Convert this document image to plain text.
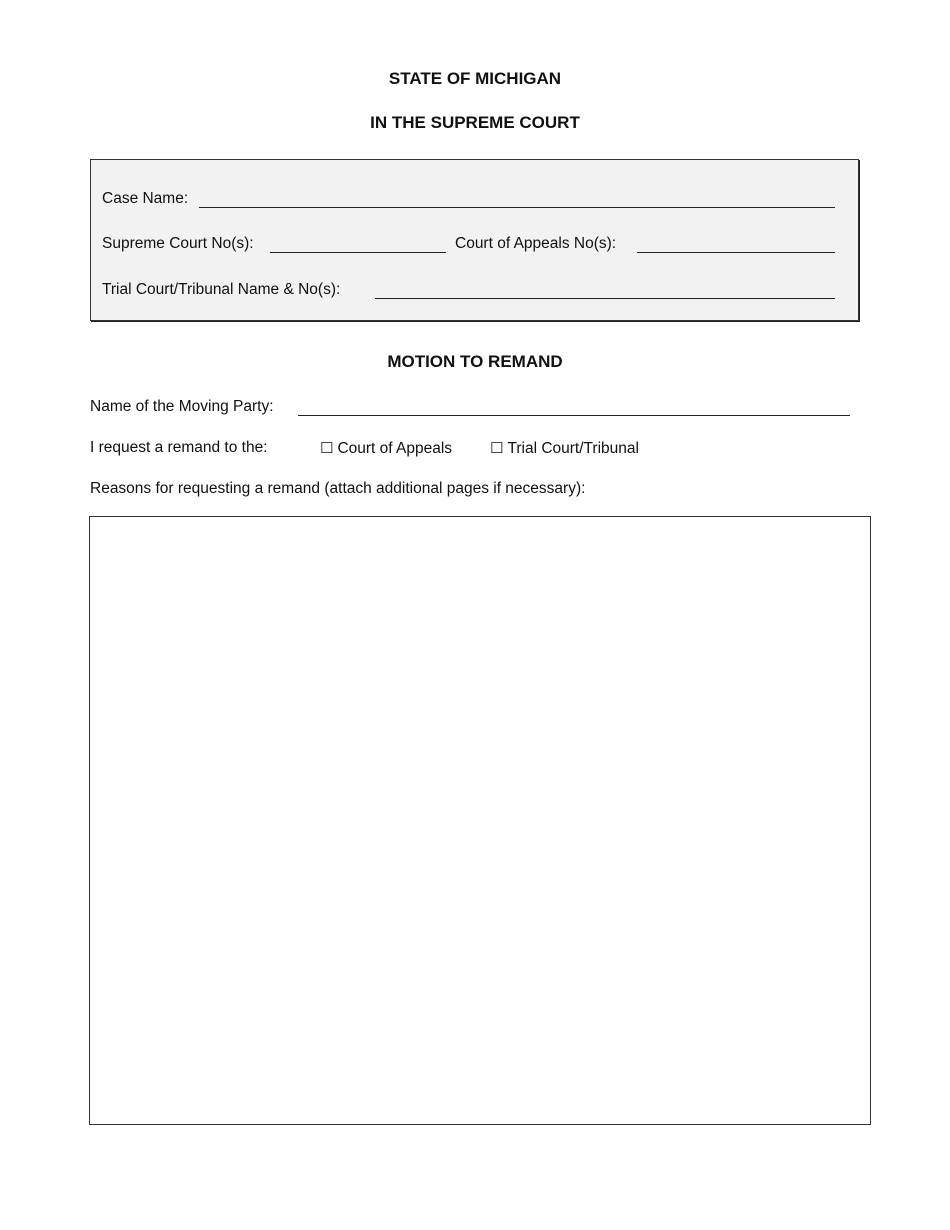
STATE OF MICHIGAN
IN THE SUPREME COURT
Case Name:
Supreme Court No(s):	Court of Appeals No(s):
Trial Court/Tribunal Name & No(s):
MOTION TO REMAND
Name of the Moving Party:
I request a remand to the:	☐ Court of Appeals	☐ Trial Court/Tribunal
Reasons for requesting a remand (attach additional pages if necessary):
